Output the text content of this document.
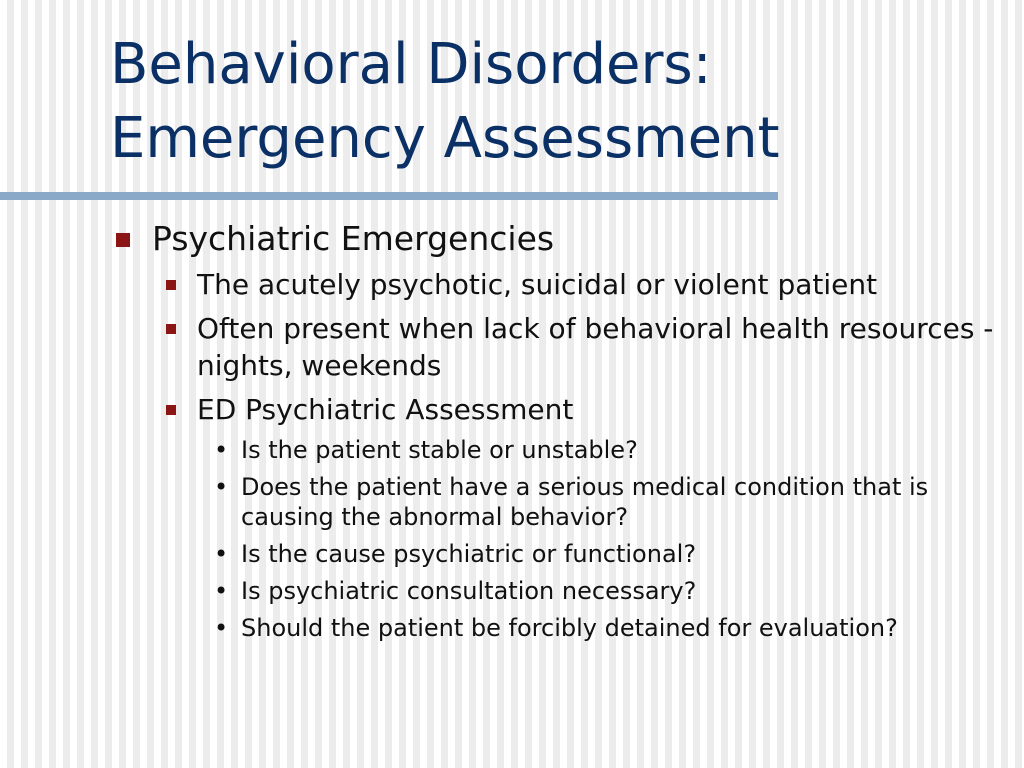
Behavioral Disorders:
Emergency Assessment
Psychiatric Emergencies
The acutely psychotic, suicidal or violent patient
Often present when lack of behavioral health resources - nights, weekends
ED Psychiatric Assessment
• Is the patient stable or unstable?
• Does the patient have a serious medical condition that is causing the abnormal behavior?
• Is the cause psychiatric or functional?
• Is psychiatric consultation necessary?
• Should the patient be forcibly detained for evaluation?
